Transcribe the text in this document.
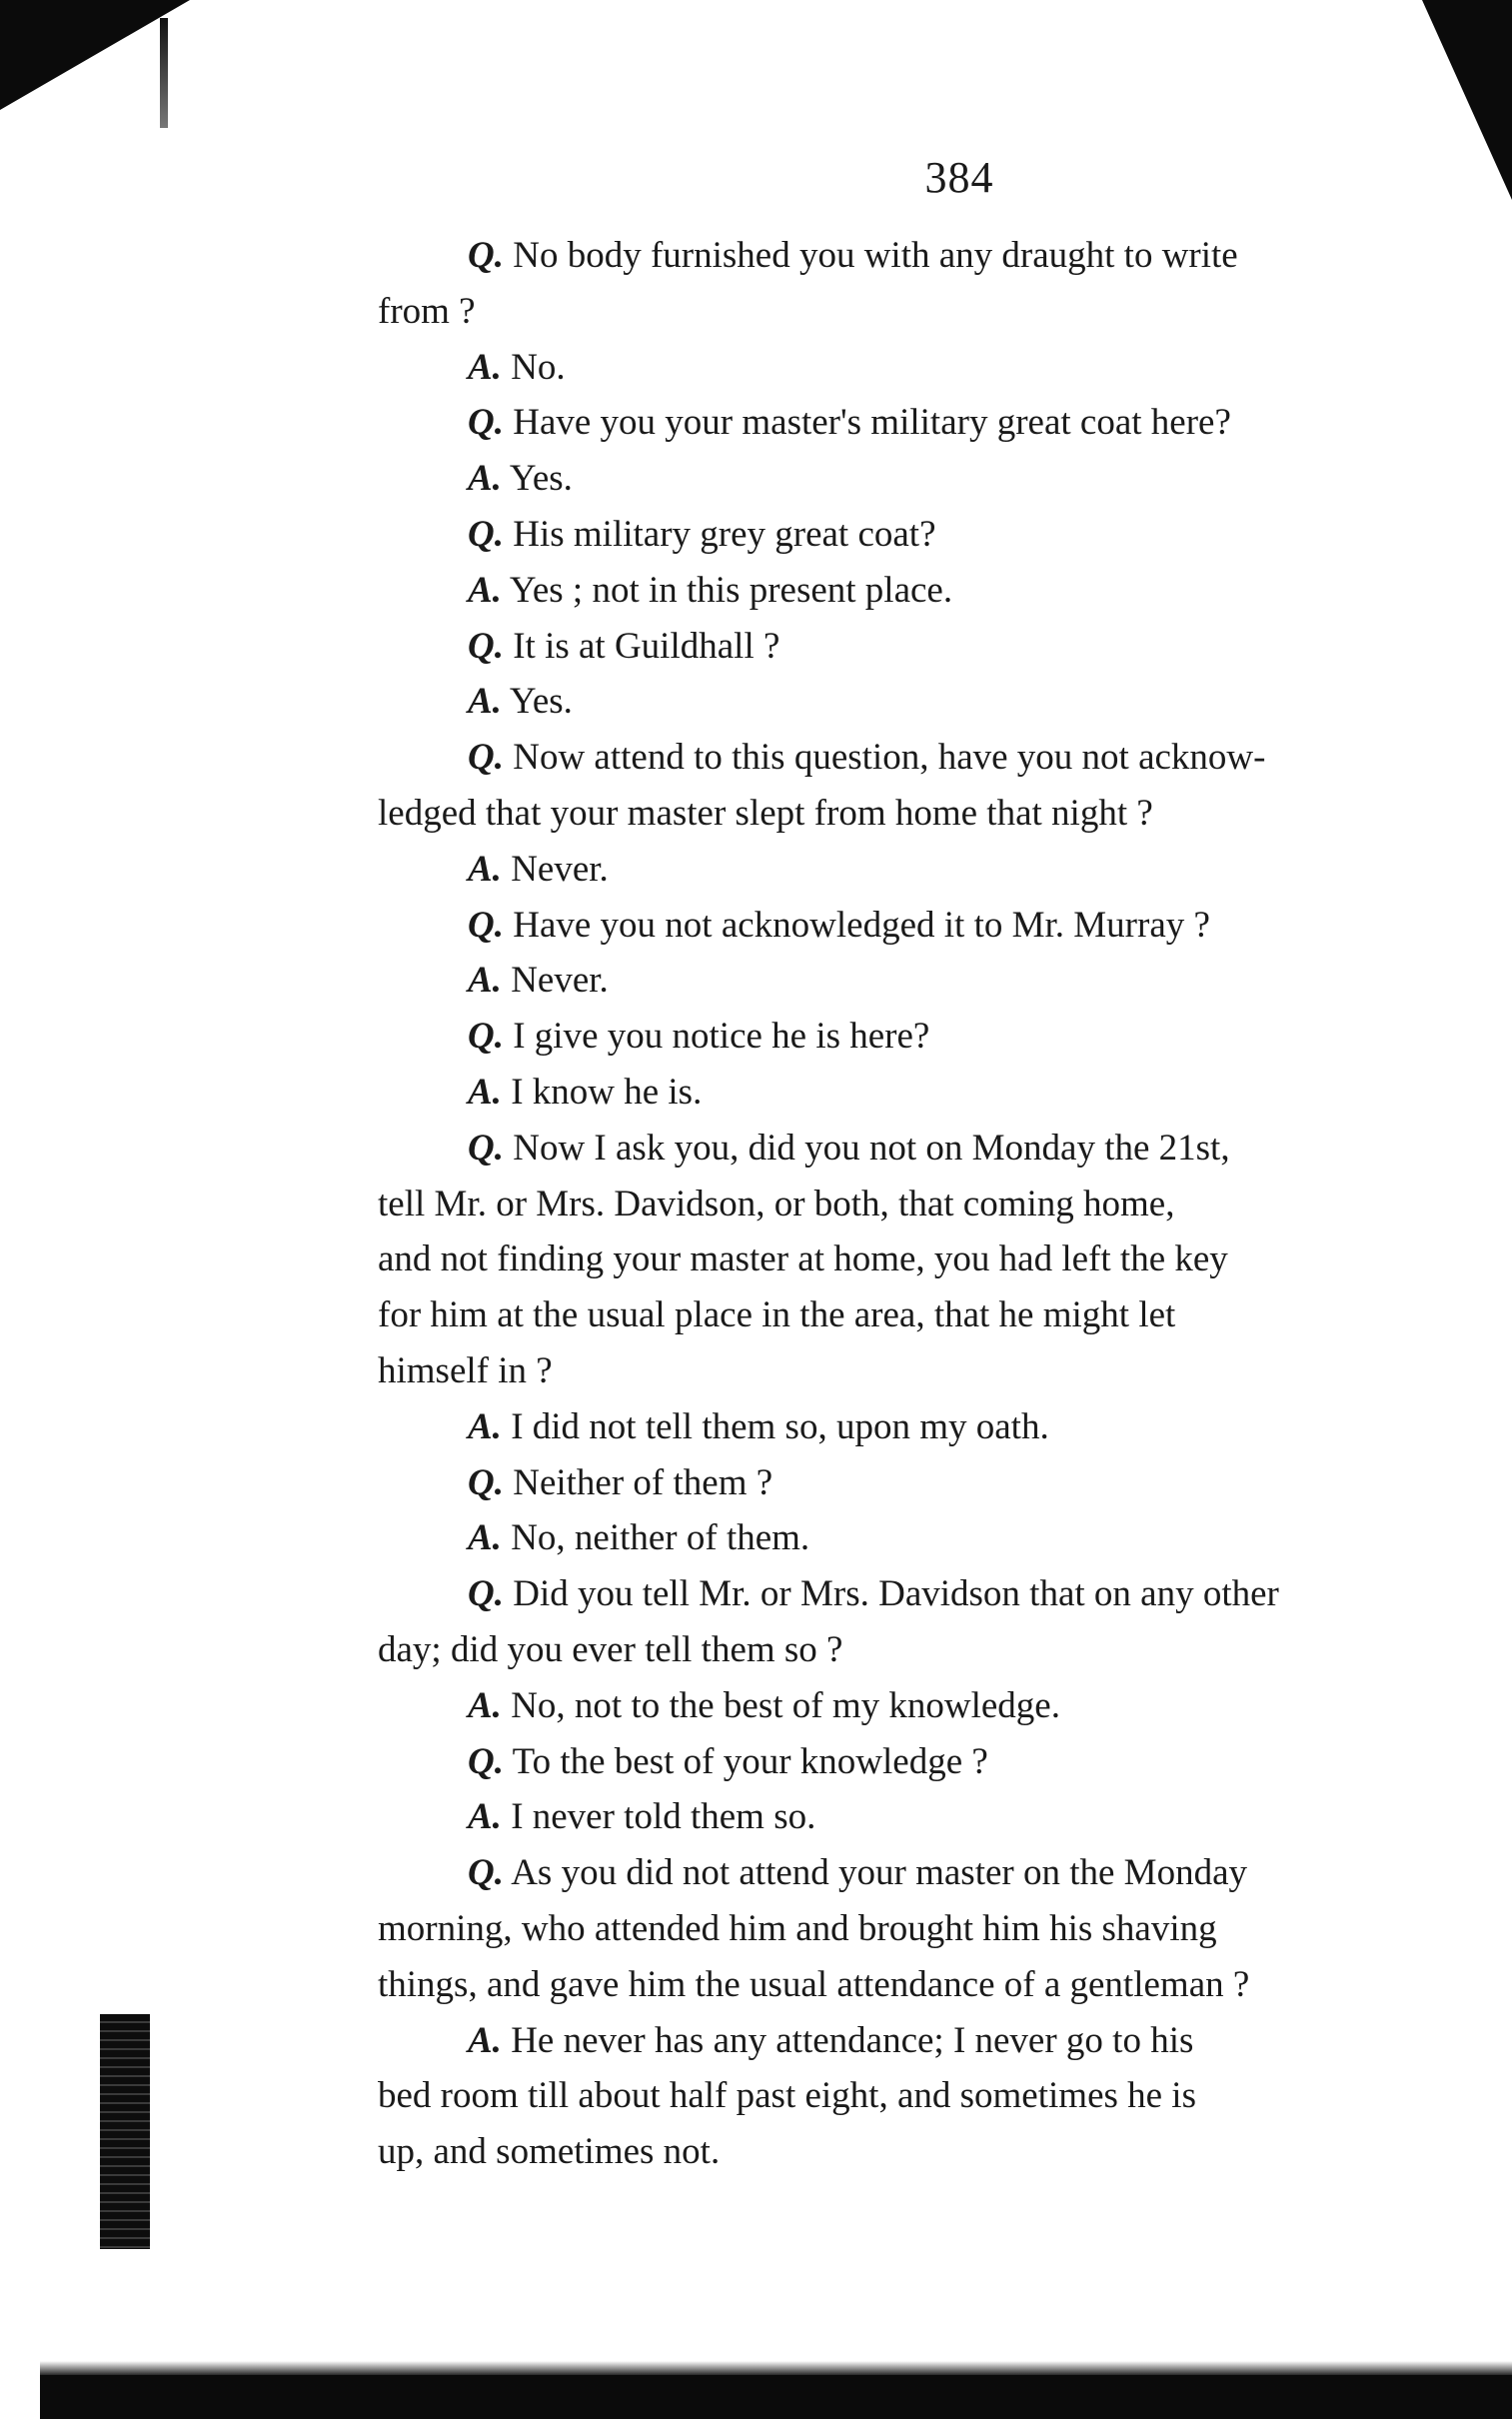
384

Q. No body furnished you with any draught to write

from ?

A. No.

Q. Have you your master's military great coat here?

A. Yes.

Q. His military grey great coat?

A. Yes ; not in this present place.

Q. It is at Guildhall ?

A. Yes.

Q. Now attend to this question, have you not acknow-

ledged that your master slept from home that night ?

A. Never.

Q. Have you not acknowledged it to Mr. Murray ?

A. Never.

Q. I give you notice he is here?

A. I know he is.

Q. Now I ask you, did you not on Monday the 21st,

tell Mr. or Mrs. Davidson, or both, that coming home,

and not finding your master at home, you had left the key

for him at the usual place in the area, that he might let

himself in ?

A. I did not tell them so, upon my oath.

Q. Neither of them ?

A. No, neither of them.

Q. Did you tell Mr. or Mrs. Davidson that on any other

day; did you ever tell them so ?

A. No, not to the best of my knowledge.

Q. To the best of your knowledge ?

A. I never told them so.

Q. As you did not attend your master on the Monday

morning, who attended him and brought him his shaving

things, and gave him the usual attendance of a gentleman ?

A. He never has any attendance; I never go to his

bed room till about half past eight, and sometimes he is

up, and sometimes not.
